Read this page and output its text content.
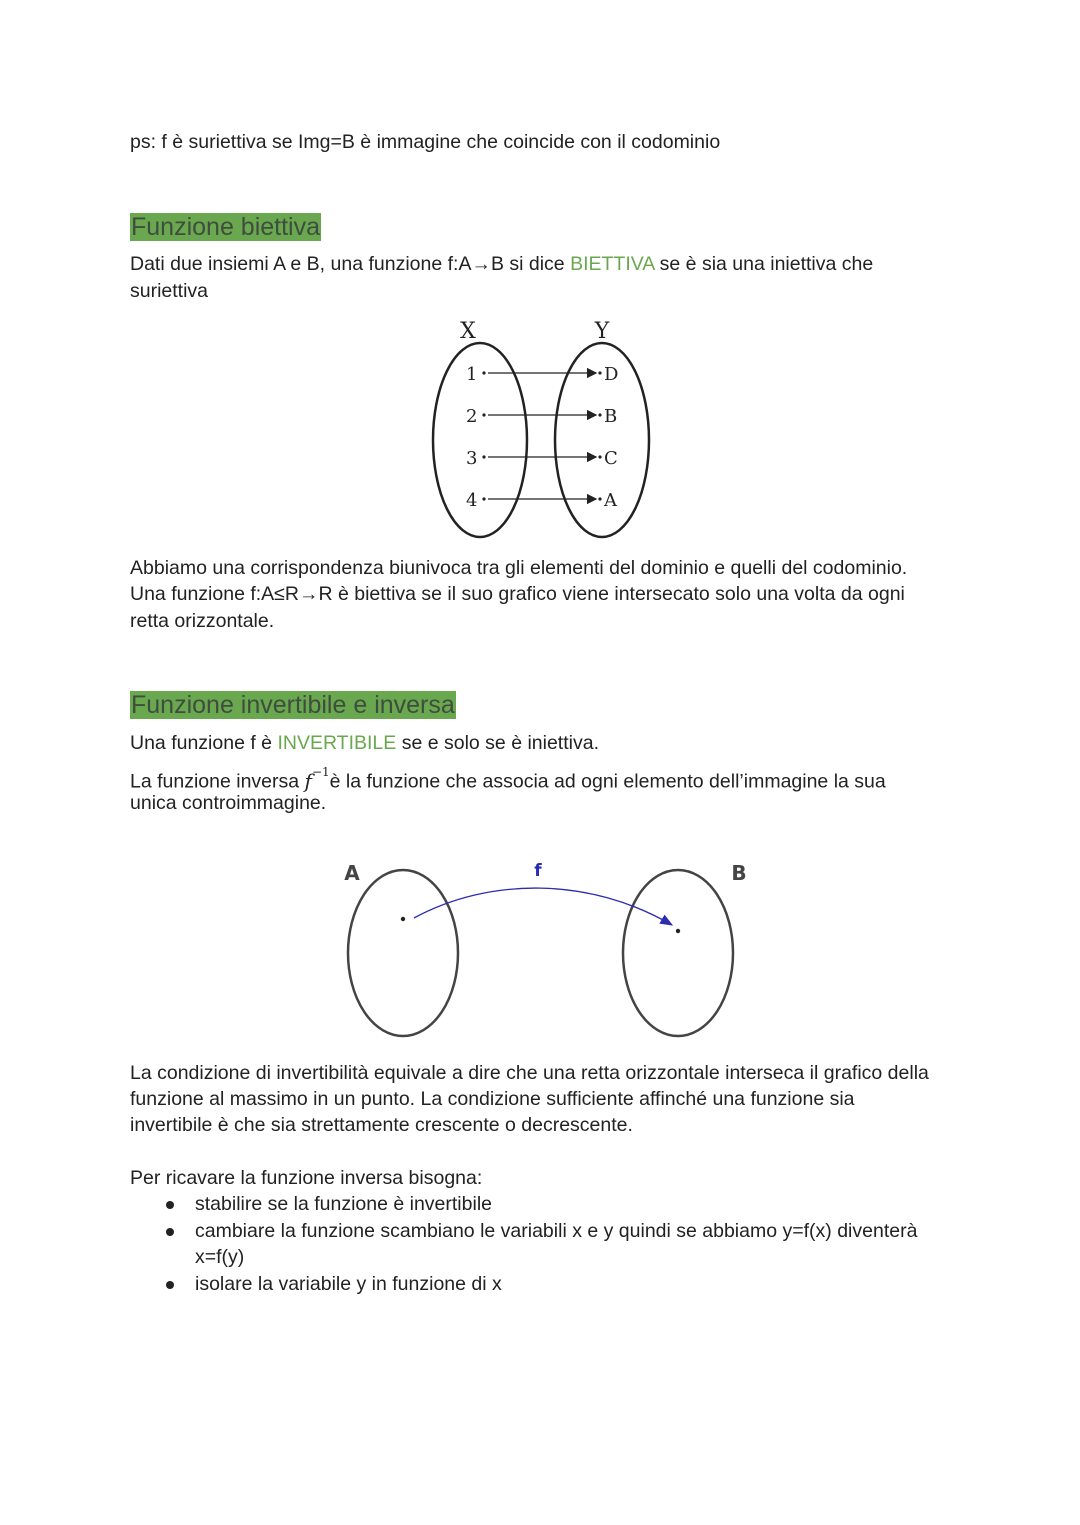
ps: f è suriettiva se Img=B è immagine che coincide con il codominio
Funzione biettiva
Dati due insiemi A e B, una funzione f:A→B si dice BIETTIVA se è sia una iniettiva che
suriettiva
X	Y
1
2
3
4
D
B
C
A
Abbiamo una corrispondenza biunivoca tra gli elementi del dominio e quelli del codominio.
Una funzione f:A≤R→R è biettiva se il suo grafico viene intersecato solo una volta da ogni
retta orizzontale.
Funzione invertibile e inversa
Una funzione f è INVERTIBILE se e solo se è iniettiva.
La funzione inversa $f^{-1}è$ la funzione che associa ad ogni elemento dell’immagine la sua
unica controimmagine.
A	B
f
La condizione di invertibilità equivale a dire che una retta orizzontale interseca il grafico della
funzione al massimo in un punto. La condizione sufficiente affinché una funzione sia
invertibile è che sia strettamente crescente o decrescente.
Per ricavare la funzione inversa bisogna:
stabilire se la funzione è invertibile
cambiare la funzione scambiano le variabili x e y quindi se abbiamo y=f(x) diventerà
x=f(y)
isolare la variabile y in funzione di x
